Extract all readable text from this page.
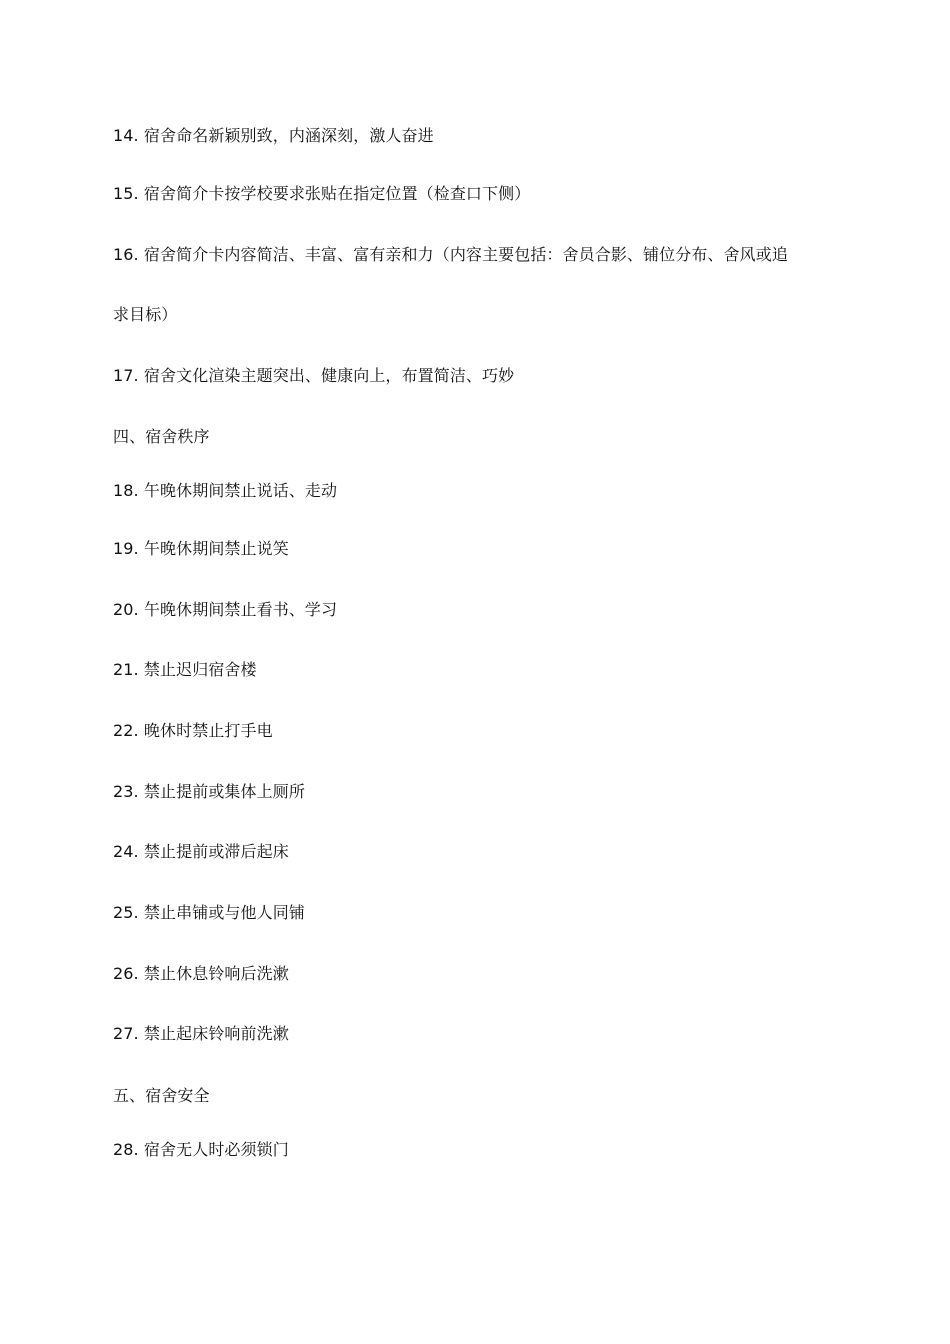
14. 宿舍命名新颖别致，内涵深刻，激人奋进
15. 宿舍简介卡按学校要求张贴在指定位置（检查口下侧）
16. 宿舍简介卡内容简洁、丰富、富有亲和力（内容主要包括：舍员合影、铺位分布、舍风或追
求目标）
17. 宿舍文化渲染主题突出、健康向上，布置简洁、巧妙
四、宿舍秩序
18. 午晚休期间禁止说话、走动
19. 午晚休期间禁止说笑
20. 午晚休期间禁止看书、学习
21. 禁止迟归宿舍楼
22. 晚休时禁止打手电
23. 禁止提前或集体上厕所
24. 禁止提前或滞后起床
25. 禁止串铺或与他人同铺
26. 禁止休息铃响后洗漱
27. 禁止起床铃响前洗漱
五、宿舍安全
28. 宿舍无人时必须锁门
